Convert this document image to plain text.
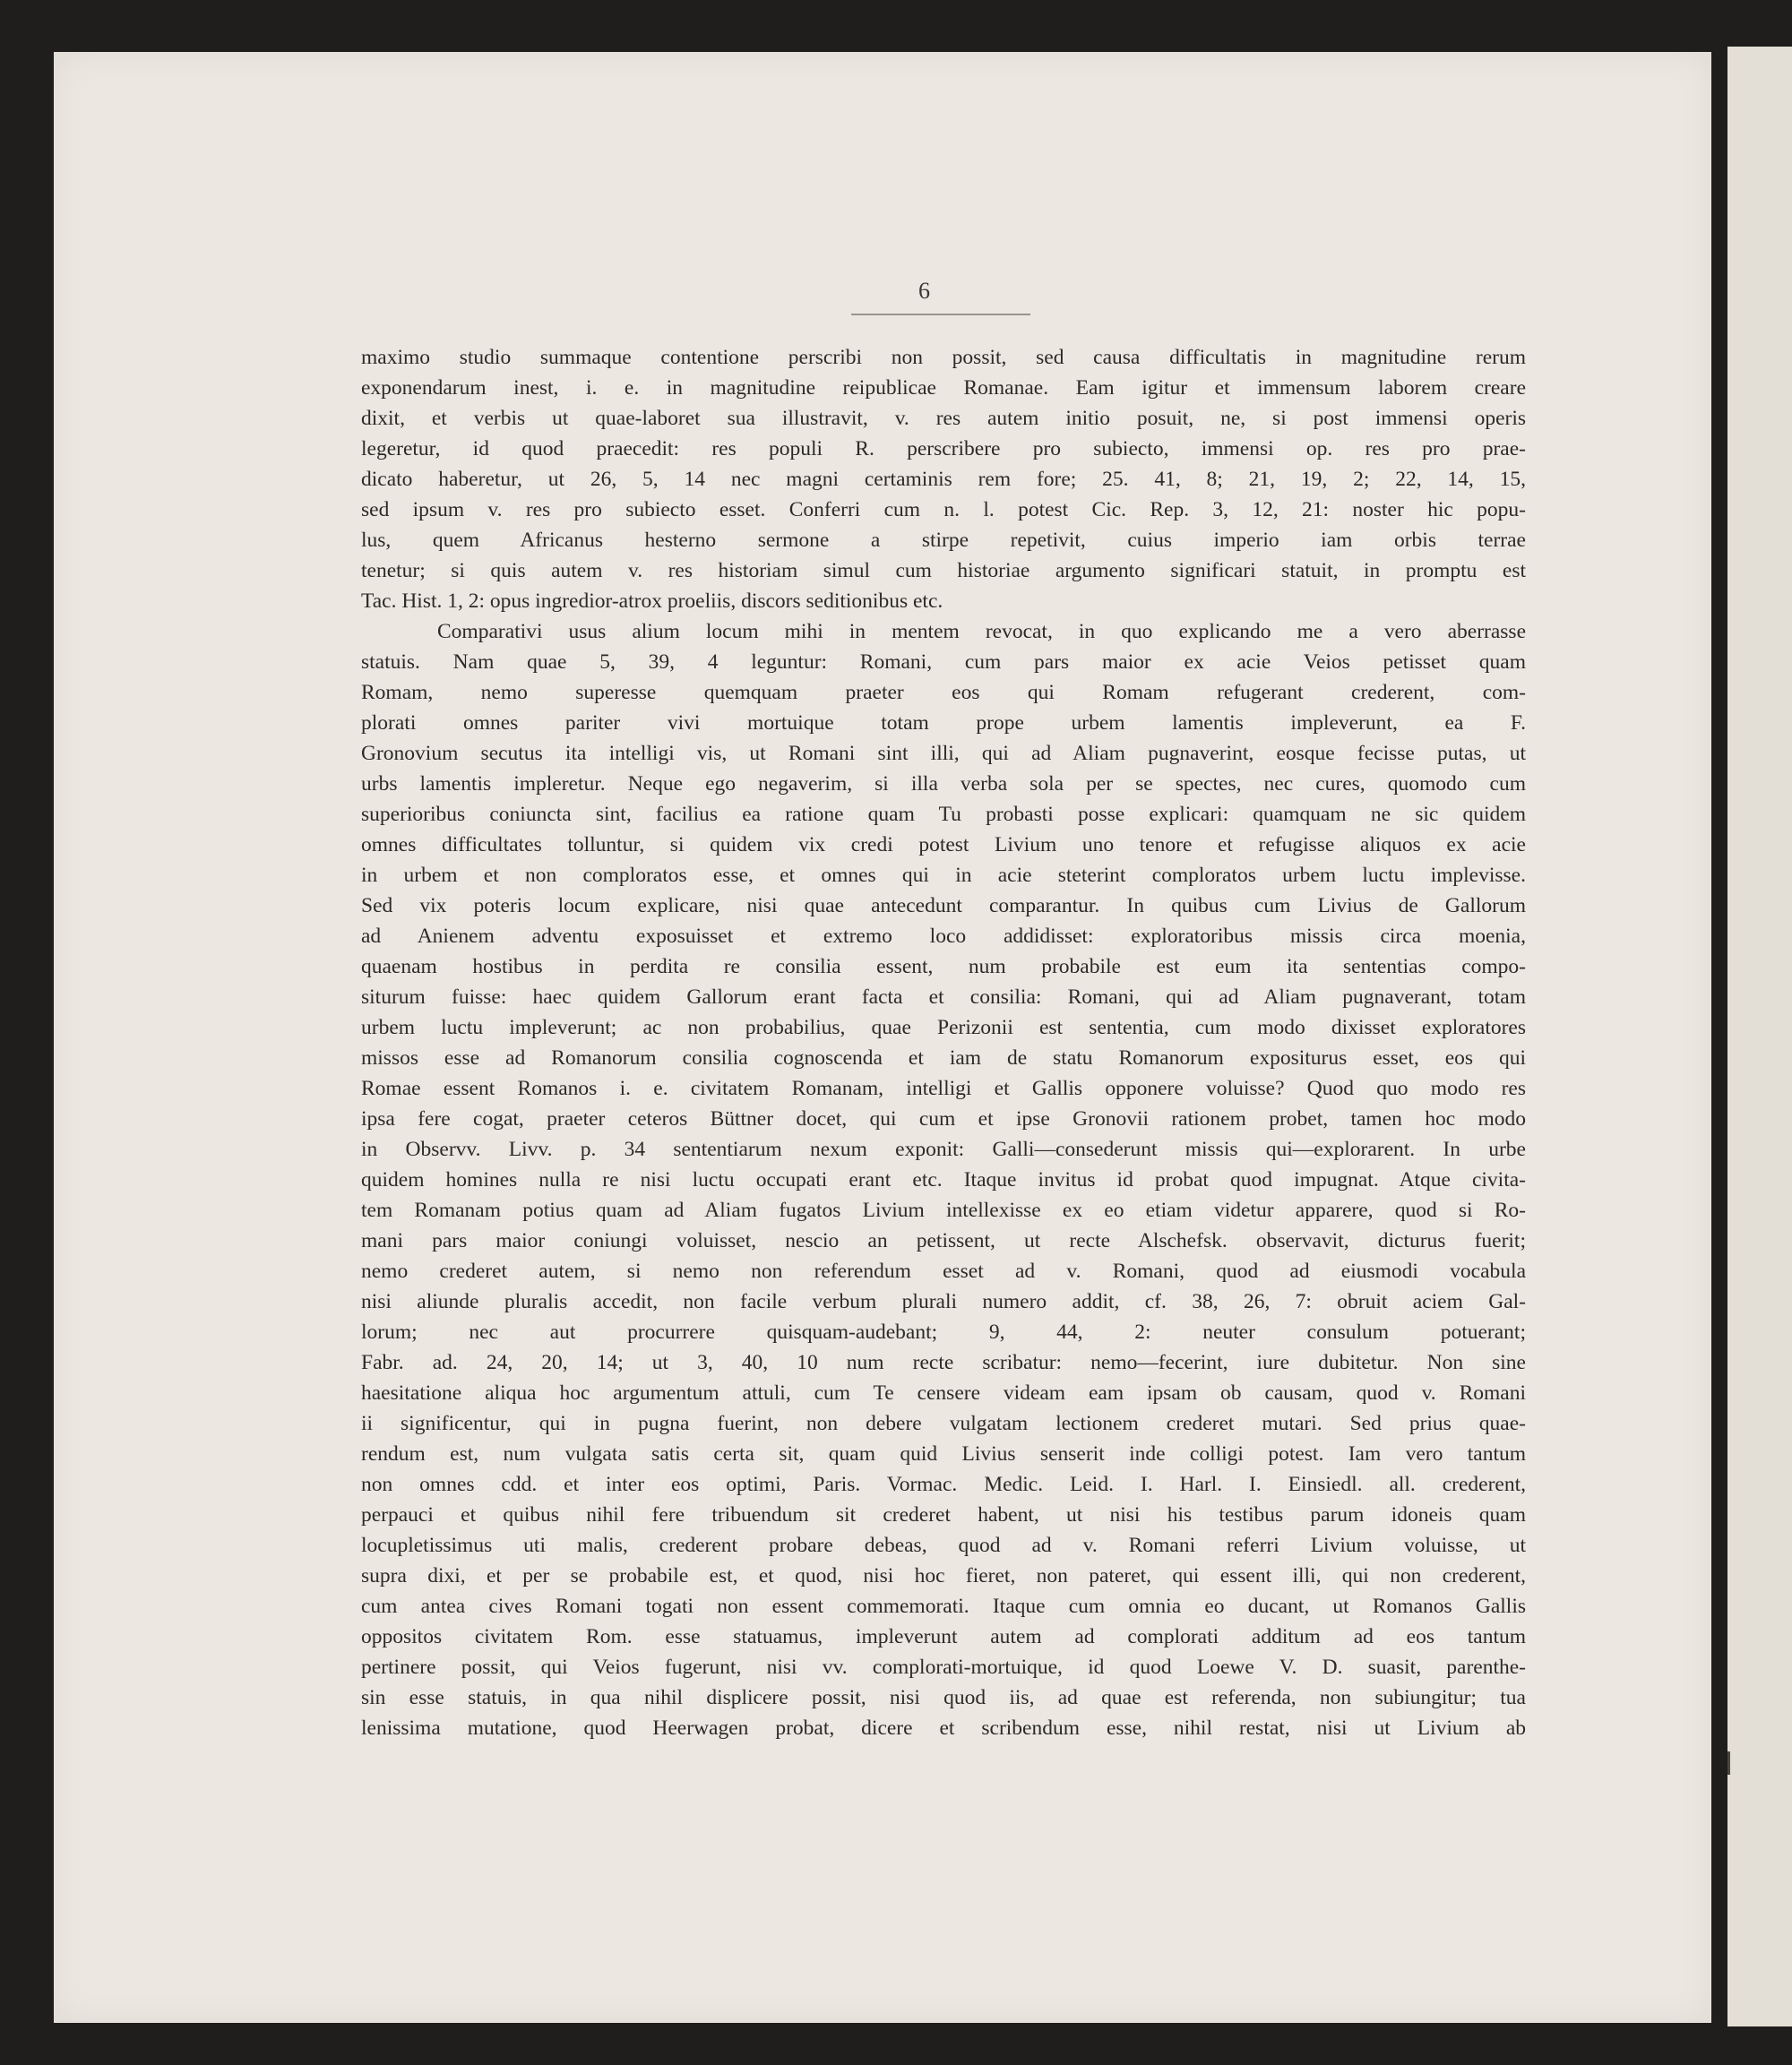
6
maximo studio summaque contentione perscribi non possit, sed causa difficultatis in magnitudine rerum
exponendarum inest, i. e. in magnitudine reipublicae Romanae. Eam igitur et immensum laborem creare
dixit, et verbis ut quae-laboret sua illustravit, v. res autem initio posuit, ne, si post immensi operis
legeretur, id quod praecedit: res populi R. perscribere pro subiecto, immensi op. res pro prae-
dicato haberetur, ut 26, 5, 14 nec magni certaminis rem fore; 25. 41, 8; 21, 19, 2; 22, 14, 15,
sed ipsum v. res pro subiecto esset. Conferri cum n. l. potest Cic. Rep. 3, 12, 21: noster hic popu-
lus, quem Africanus hesterno sermone a stirpe repetivit, cuius imperio iam orbis terrae
tenetur; si quis autem v. res historiam simul cum historiae argumento significari statuit, in promptu est
Tac. Hist. 1, 2: opus ingredior-atrox proeliis, discors seditionibus etc.
Comparativi usus alium locum mihi in mentem revocat, in quo explicando me a vero aberrasse
statuis. Nam quae 5, 39, 4 leguntur: Romani, cum pars maior ex acie Veios petisset quam
Romam, nemo superesse quemquam praeter eos qui Romam refugerant crederent, com-
plorati omnes pariter vivi mortuique totam prope urbem lamentis impleverunt, ea F.
Gronovium secutus ita intelligi vis, ut Romani sint illi, qui ad Aliam pugnaverint, eosque fecisse putas, ut
urbs lamentis impleretur. Neque ego negaverim, si illa verba sola per se spectes, nec cures, quomodo cum
superioribus coniuncta sint, facilius ea ratione quam Tu probasti posse explicari: quamquam ne sic quidem
omnes difficultates tolluntur, si quidem vix credi potest Livium uno tenore et refugisse aliquos ex acie
in urbem et non comploratos esse, et omnes qui in acie steterint comploratos urbem luctu implevisse.
Sed vix poteris locum explicare, nisi quae antecedunt comparantur. In quibus cum Livius de Gallorum
ad Anienem adventu exposuisset et extremo loco addidisset: exploratoribus missis circa moenia,
quaenam hostibus in perdita re consilia essent, num probabile est eum ita sententias compo-
siturum fuisse: haec quidem Gallorum erant facta et consilia: Romani, qui ad Aliam pugnaverant, totam
urbem luctu impleverunt; ac non probabilius, quae Perizonii est sententia, cum modo dixisset exploratores
missos esse ad Romanorum consilia cognoscenda et iam de statu Romanorum expositurus esset, eos qui
Romae essent Romanos i. e. civitatem Romanam, intelligi et Gallis opponere voluisse? Quod quo modo res
ipsa fere cogat, praeter ceteros Büttner docet, qui cum et ipse Gronovii rationem probet, tamen hoc modo
in Observv. Livv. p. 34 sententiarum nexum exponit: Galli—consederunt missis qui—explorarent. In urbe
quidem homines nulla re nisi luctu occupati erant etc. Itaque invitus id probat quod impugnat. Atque civita-
tem Romanam potius quam ad Aliam fugatos Livium intellexisse ex eo etiam videtur apparere, quod si Ro-
mani pars maior coniungi voluisset, nescio an petissent, ut recte Alschefsk. observavit, dicturus fuerit;
nemo crederet autem, si nemo non referendum esset ad v. Romani, quod ad eiusmodi vocabula
nisi aliunde pluralis accedit, non facile verbum plurali numero addit, cf. 38, 26, 7: obruit aciem Gal-
lorum; nec aut procurrere quisquam-audebant; 9, 44, 2: neuter consulum potuerant;
Fabr. ad. 24, 20, 14; ut 3, 40, 10 num recte scribatur: nemo—fecerint, iure dubitetur. Non sine
haesitatione aliqua hoc argumentum attuli, cum Te censere videam eam ipsam ob causam, quod v. Romani
ii significentur, qui in pugna fuerint, non debere vulgatam lectionem crederet mutari. Sed prius quae-
rendum est, num vulgata satis certa sit, quam quid Livius senserit inde colligi potest. Iam vero tantum
non omnes cdd. et inter eos optimi, Paris. Vormac. Medic. Leid. I. Harl. I. Einsiedl. all. crederent,
perpauci et quibus nihil fere tribuendum sit crederet habent, ut nisi his testibus parum idoneis quam
locupletissimus uti malis, crederent probare debeas, quod ad v. Romani referri Livium voluisse, ut
supra dixi, et per se probabile est, et quod, nisi hoc fieret, non pateret, qui essent illi, qui non crederent,
cum antea cives Romani togati non essent commemorati. Itaque cum omnia eo ducant, ut Romanos Gallis
oppositos civitatem Rom. esse statuamus, impleverunt autem ad complorati additum ad eos tantum
pertinere possit, qui Veios fugerunt, nisi vv. complorati-mortuique, id quod Loewe V. D. suasit, parenthe-
sin esse statuis, in qua nihil displicere possit, nisi quod iis, ad quae est referenda, non subiungitur; tua
lenissima mutatione, quod Heerwagen probat, dicere et scribendum esse, nihil restat, nisi ut Livium ab
